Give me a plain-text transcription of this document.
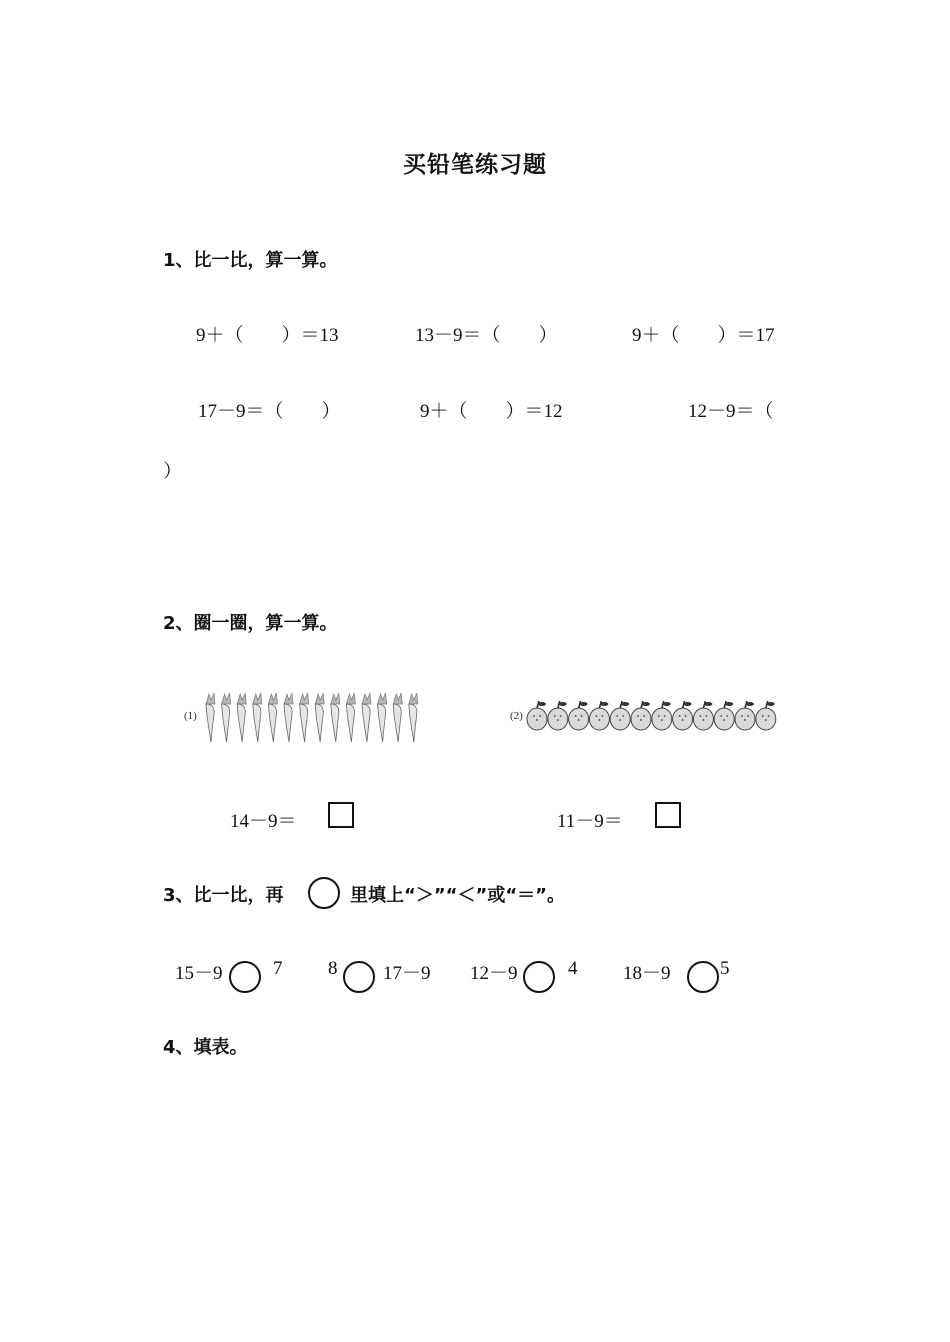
买铅笔练习题
1、比一比，算一算。
9＋（　　）＝13	13－9＝（　　）	9＋（　　）＝17
17－9＝（　　）	9＋（　　）＝12	12－9＝（
）
2、圈一圈，算一算。
(1)	(2)
14－9＝	11－9＝
3、比一比，再	里填上“＞”“＜”或“＝”。
15－9	7 8 17－9 12－9	4 18－9	5
4、填表。
